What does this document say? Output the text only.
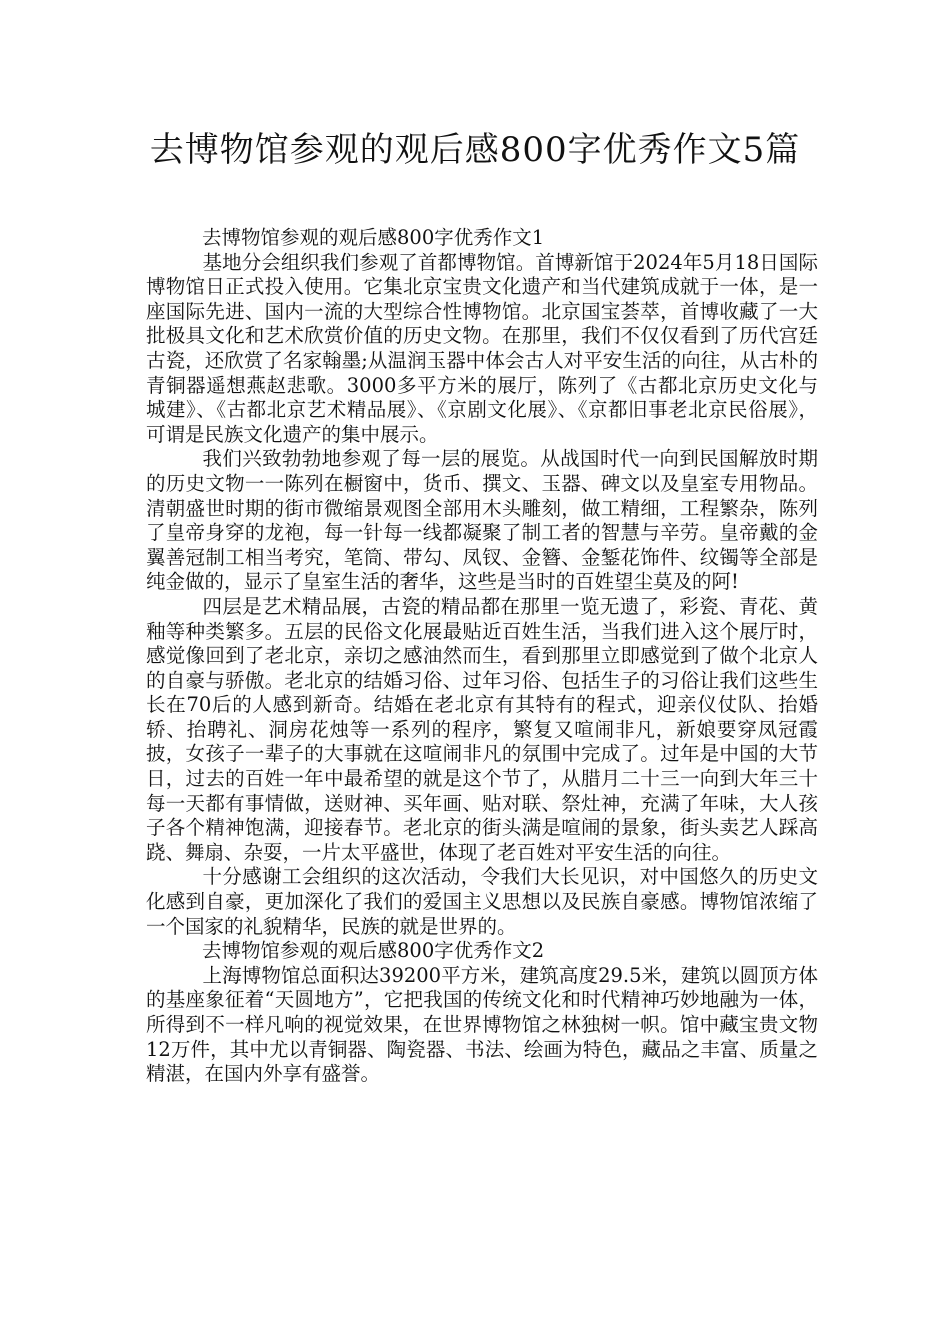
去博物馆参观的观后感800字优秀作文5篇

去博物馆参观的观后感800字优秀作文1

基地分会组织我们参观了首都博物馆。首博新馆于2024年5月18日国际博物馆日正式投入使用。它集北京宝贵文化遗产和当代建筑成就于一体，是一座国际先进、国内一流的大型综合性博物馆。北京国宝荟萃，首博收藏了一大批极具文化和艺术欣赏价值的历史文物。在那里，我们不仅仅看到了历代宫廷古瓷，还欣赏了名家翰墨;从温润玉器中体会古人对平安生活的向往，从古朴的青铜器遥想燕赵悲歌。3000多平方米的展厅，陈列了《古都北京历史文化与城建》、《古都北京艺术精品展》、《京剧文化展》、《京都旧事老北京民俗展》，可谓是民族文化遗产的集中展示。

我们兴致勃勃地参观了每一层的展览。从战国时代一向到民国解放时期的历史文物一一陈列在橱窗中，货币、撰文、玉器、碑文以及皇室专用物品。清朝盛世时期的街市微缩景观图全部用木头雕刻，做工精细，工程繁杂，陈列了皇帝身穿的龙袍，每一针每一线都凝聚了制工者的智慧与辛劳。皇帝戴的金翼善冠制工相当考究，笔筒、带勾、凤钗、金簪、金錾花饰件、纹镯等全部是纯金做的，显示了皇室生活的奢华，这些是当时的百姓望尘莫及的阿!

四层是艺术精品展，古瓷的精品都在那里一览无遗了，彩瓷、青花、黄釉等种类繁多。五层的民俗文化展最贴近百姓生活，当我们进入这个展厅时，感觉像回到了老北京，亲切之感油然而生，看到那里立即感觉到了做个北京人的自豪与骄傲。老北京的结婚习俗、过年习俗、包括生子的习俗让我们这些生长在70后的人感到新奇。结婚在老北京有其特有的程式，迎亲仪仗队、抬婚轿、抬聘礼、洞房花烛等一系列的程序，繁复又喧闹非凡，新娘要穿凤冠霞披，女孩子一辈子的大事就在这喧闹非凡的氛围中完成了。过年是中国的大节日，过去的百姓一年中最希望的就是这个节了，从腊月二十三一向到大年三十每一天都有事情做，送财神、买年画、贴对联、祭灶神，充满了年味，大人孩子各个精神饱满，迎接春节。老北京的街头满是喧闹的景象，街头卖艺人踩高跷、舞扇、杂耍，一片太平盛世，体现了老百姓对平安生活的向往。

十分感谢工会组织的这次活动，令我们大长见识，对中国悠久的历史文化感到自豪，更加深化了我们的爱国主义思想以及民族自豪感。博物馆浓缩了一个国家的礼貌精华，民族的就是世界的。

去博物馆参观的观后感800字优秀作文2

上海博物馆总面积达39200平方米，建筑高度29.5米，建筑以圆顶方体的基座象征着“天圆地方”，它把我国的传统文化和时代精神巧妙地融为一体，所得到不一样凡响的视觉效果，在世界博物馆之林独树一帜。馆中藏宝贵文物12万件，其中尤以青铜器、陶瓷器、书法、绘画为特色，藏品之丰富、质量之精湛，在国内外享有盛誉。
